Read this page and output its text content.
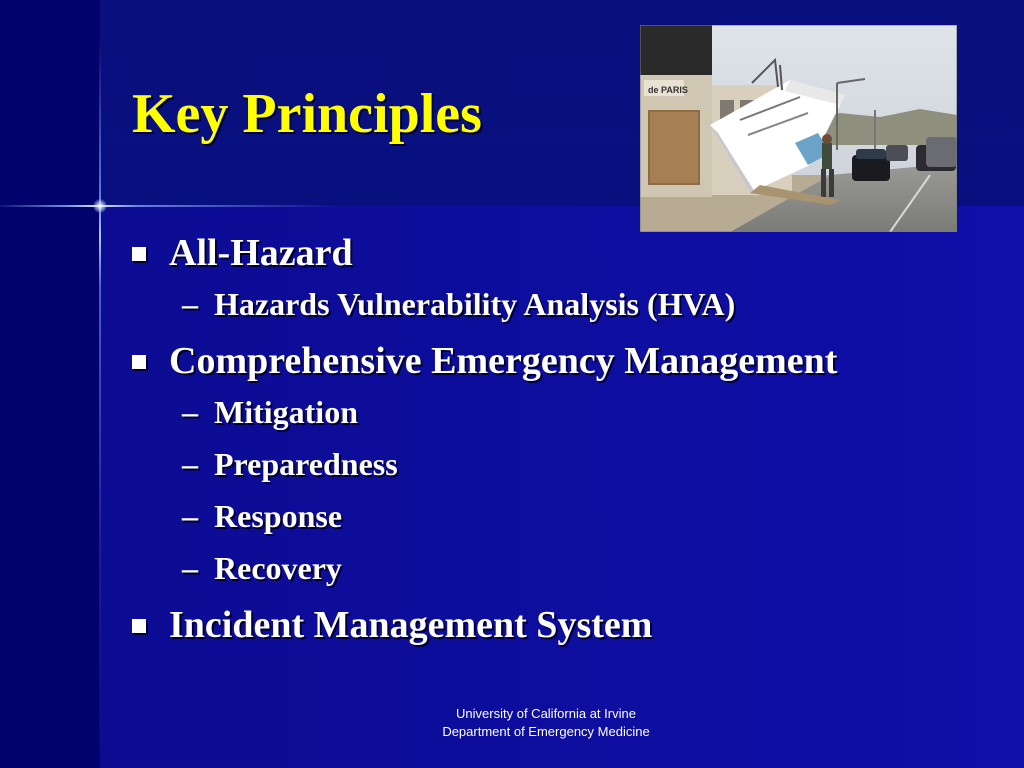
Key Principles	de PARIS
All-Hazard
– Hazards Vulnerability Analysis (HVA)
Comprehensive Emergency Management
– Mitigation
– Preparedness
– Response
– Recovery
Incident Management System
University of California at Irvine
Department of Emergency Medicine
